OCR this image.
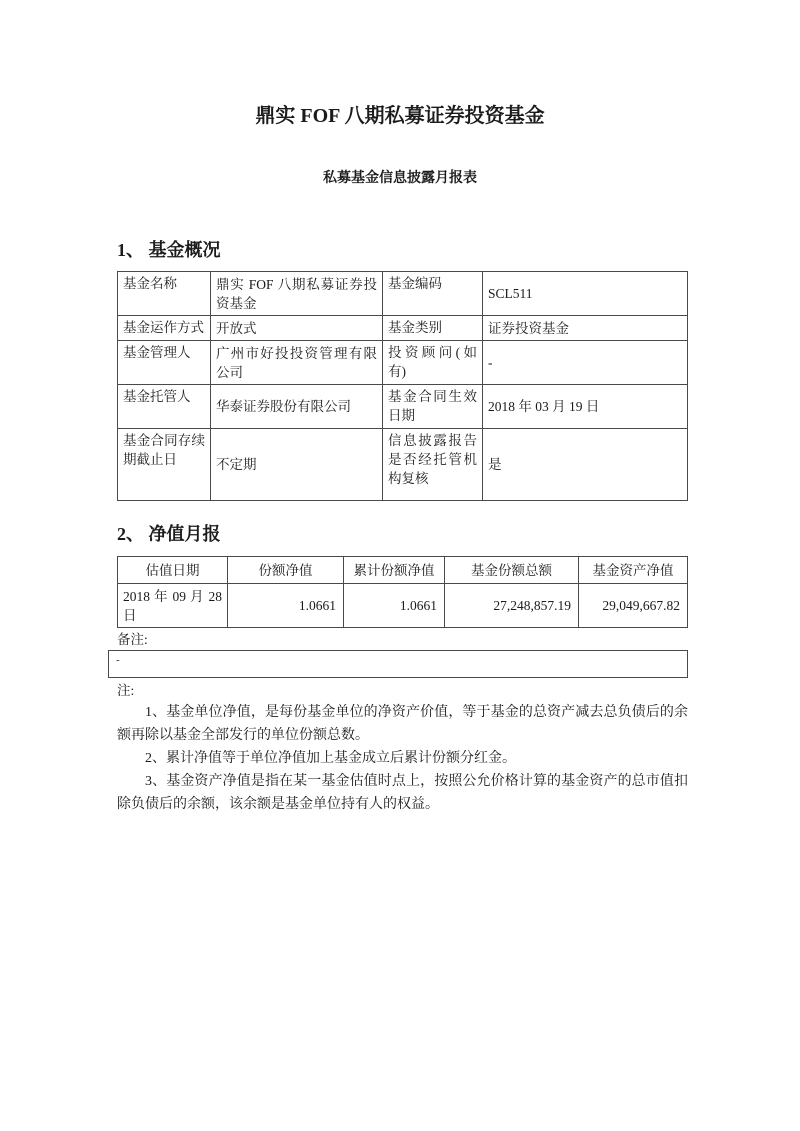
鼎实 FOF 八期私募证券投资基金
私募基金信息披露月报表
1、 基金概况
基金名称	鼎实 FOF 八期私募证券投资基金	基金编码	SCL511
基金运作方式	开放式	基金类别	证券投资基金
基金管理人	广州市好投投资管理有限公司	投资顾问(如有)	-
基金托管人	华泰证券股份有限公司	基金合同生效日期	2018 年 03 月 19 日
基金合同存续期截止日	不定期	信息披露报告是否经托管机构复核	是
2、 净值月报
估值日期	份额净值	累计份额净值	基金份额总额	基金资产净值
2018 年 09 月 28 日	1.0661	1.0661	27,248,857.19	29,049,667.82
备注:
-
注:

1、基金单位净值，是每份基金单位的净资产价值，等于基金的总资产减去总负债后的余额再除以基金全部发行的单位份额总数。

2、累计净值等于单位净值加上基金成立后累计份额分红金。

3、基金资产净值是指在某一基金估值时点上，按照公允价格计算的基金资产的总市值扣除负债后的余额，该余额是基金单位持有人的权益。
